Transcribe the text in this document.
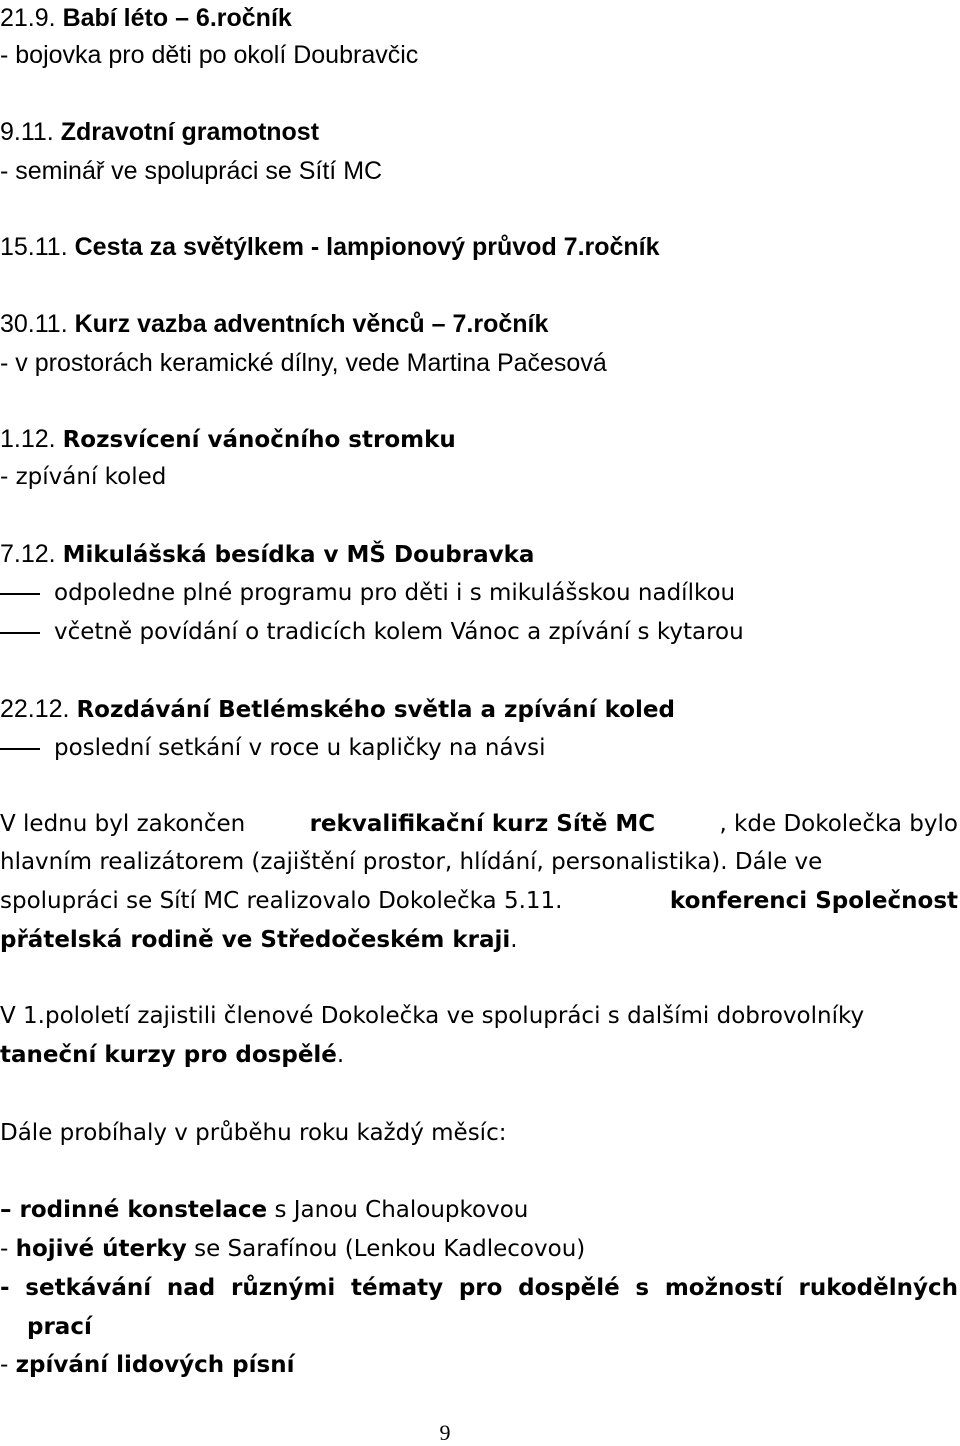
21.9. Babí léto – 6.ročník
- bojovka pro děti po okolí Doubravčic
9.11. Zdravotní gramotnost
- seminář ve spolupráci se Sítí MC
15.11. Cesta za světýlkem - lampionový průvod 7.ročník
30.11. Kurz vazba adventních věnců – 7.ročník
- v prostorách keramické dílny, vede Martina Pačesová
1.12. Rozsvícení vánočního stromku
- zpívání koled
7.12. Mikulášská besídka v MŠ Doubravka
odpoledne plné programu pro děti i s mikulášskou nadílkou
včetně povídání o tradicích kolem Vánoc a zpívání s kytarou
22.12. Rozdávání Betlémského světla a zpívání koled
poslední setkání v roce u kapličky na návsi
V lednu byl zakončen	rekvalifikační kurz Sítě MC	, kde Dokolečka bylo
hlavním realizátorem (zajištění prostor, hlídání, personalistika). Dále ve
spolupráci se Sítí MC realizovalo Dokolečka 5.11.	konferenci Společnost
přátelská rodině ve Středočeském kraji.
V 1.pololetí zajistili členové Dokolečka ve spolupráci s dalšími dobrovolníky
taneční kurzy pro dospělé.
Dále probíhaly v průběhu roku každý měsíc:
– rodinné konstelace s Janou Chaloupkovou
- hojivé úterky se Sarafínou (Lenkou Kadlecovou)
- setkávání nad různými tématy pro dospělé s možností rukodělných
prací
- zpívání lidových písní
9
